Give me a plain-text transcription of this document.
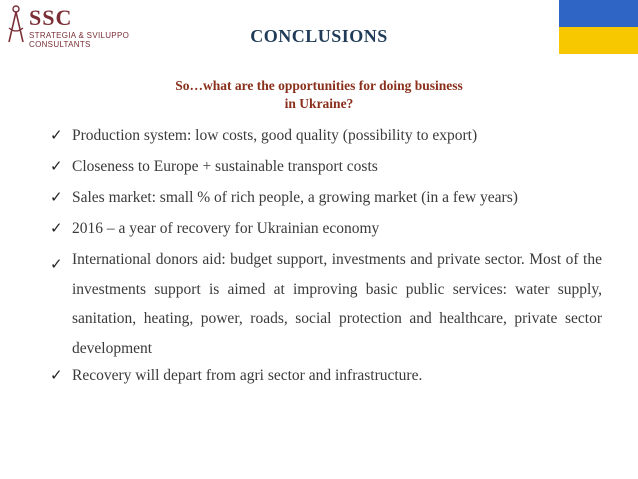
SSC
STRATEGIA & SVILUPPO
CONSULTANTS	CONCLUSIONS
So…what are the opportunities for doing business
in Ukraine?
✓ Production system: low costs, good quality (possibility to export)
✓ Closeness to Europe + sustainable transport costs
✓ Sales market: small % of rich people, a growing market (in a few years)
✓ 2016 – a year of recovery for Ukrainian economy
✓ International donors aid: budget support, investments and private sector. Most of the investments support is aimed at improving basic public services: water supply, sanitation, heating, power, roads, social protection and healthcare, private sector development
✓ Recovery will depart from agri sector and infrastructure.
